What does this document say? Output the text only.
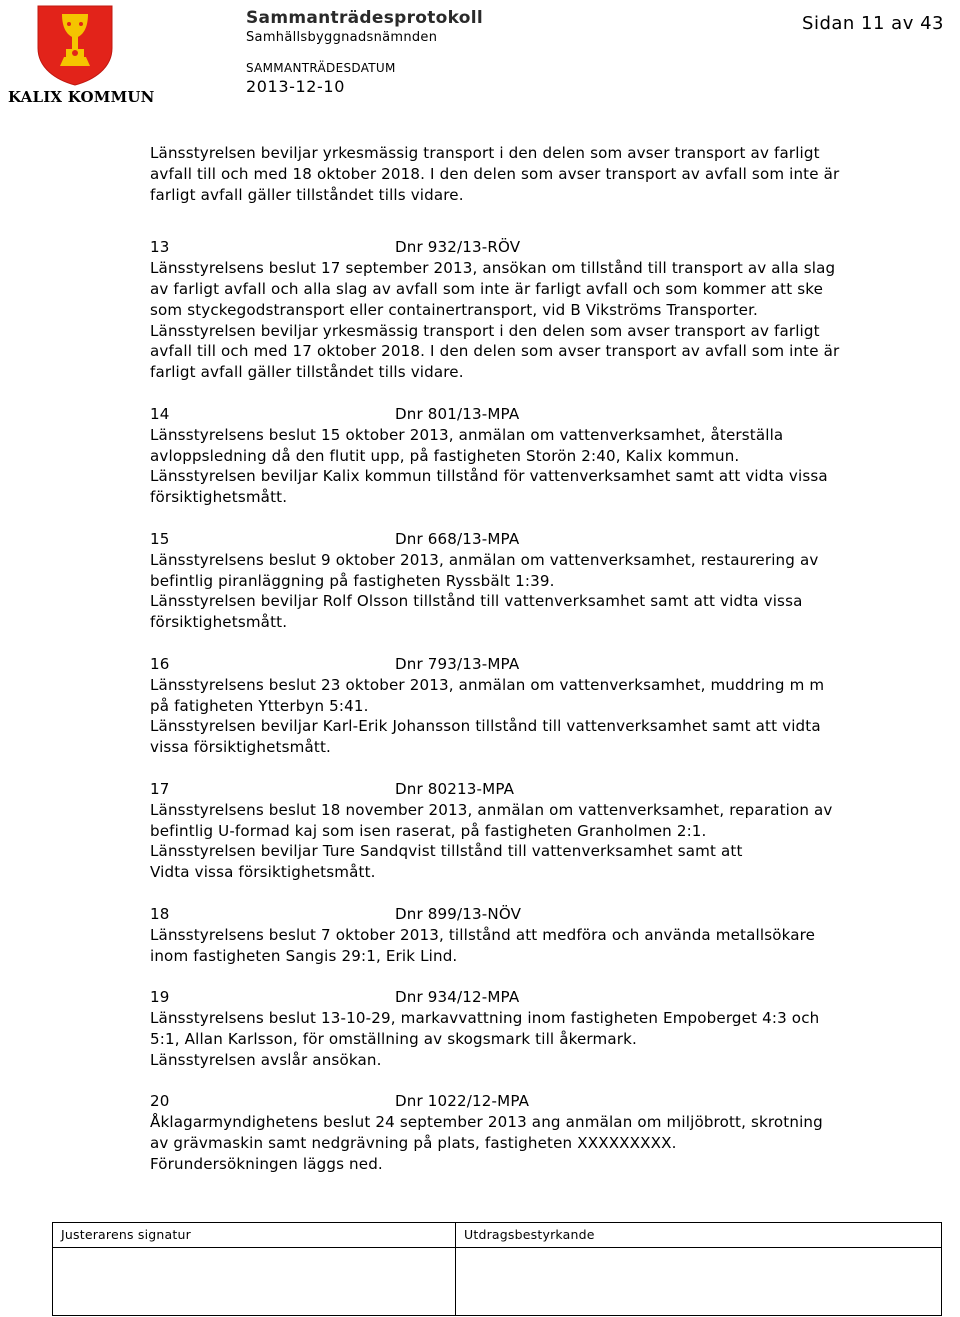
KALIX KOMMUN
Sammanträdesprotokoll
Samhällsbyggnadsnämnden
SAMMANTRÄDESDATUM
2013-12-10
Sidan 11 av 43
Länsstyrelsen beviljar yrkesmässig transport i den delen som avser transport av farligt
avfall till och med 18 oktober 2018. I den delen som avser transport av avfall som inte är
farligt avfall gäller tillståndet tills vidare.
13	Dnr 932/13-RÖV
Länsstyrelsens beslut 17 september 2013, ansökan om tillstånd till transport av alla slag
av farligt avfall och alla slag av avfall som inte är farligt avfall och som kommer att ske
som styckegodstransport eller containertransport, vid B Vikströms Transporter.
Länsstyrelsen beviljar yrkesmässig transport i den delen som avser transport av farligt
avfall till och med 17 oktober 2018. I den delen som avser transport av avfall som inte är
farligt avfall gäller tillståndet tills vidare.
14	Dnr 801/13-MPA
Länsstyrelsens beslut 15 oktober 2013, anmälan om vattenverksamhet, återställa
avloppsledning då den flutit upp, på fastigheten Storön 2:40, Kalix kommun.
Länsstyrelsen beviljar Kalix kommun tillstånd för vattenverksamhet samt att vidta vissa
försiktighetsmått.
15	Dnr 668/13-MPA
Länsstyrelsens beslut 9 oktober 2013, anmälan om vattenverksamhet, restaurering av
befintlig piranläggning på fastigheten Ryssbält 1:39.
Länsstyrelsen beviljar Rolf Olsson tillstånd till vattenverksamhet samt att vidta vissa
försiktighetsmått.
16	Dnr 793/13-MPA
Länsstyrelsens beslut 23 oktober 2013, anmälan om vattenverksamhet, muddring m m
på fatigheten Ytterbyn 5:41.
Länsstyrelsen beviljar Karl-Erik Johansson tillstånd till vattenverksamhet samt att vidta
vissa försiktighetsmått.
17	Dnr 80213-MPA
Länsstyrelsens beslut 18 november 2013, anmälan om vattenverksamhet, reparation av
befintlig U-formad kaj som isen raserat, på fastigheten Granholmen 2:1.
Länsstyrelsen beviljar Ture Sandqvist tillstånd till vattenverksamhet samt att
Vidta vissa försiktighetsmått.
18	Dnr 899/13-NÖV
Länsstyrelsens beslut 7 oktober 2013, tillstånd att medföra och använda metallsökare
inom fastigheten Sangis 29:1, Erik Lind.
19	Dnr 934/12-MPA
Länsstyrelsens beslut 13-10-29, markavvattning inom fastigheten Empoberget 4:3 och
5:1, Allan Karlsson, för omställning av skogsmark till åkermark.
Länsstyrelsen avslår ansökan.
20	Dnr 1022/12-MPA
Åklagarmyndighetens beslut 24 september 2013 ang anmälan om miljöbrott, skrotning
av grävmaskin samt nedgrävning på plats, fastigheten XXXXXXXXX.
Förundersökningen läggs ned.
Justerarens signatur	Utdragsbestyrkande
